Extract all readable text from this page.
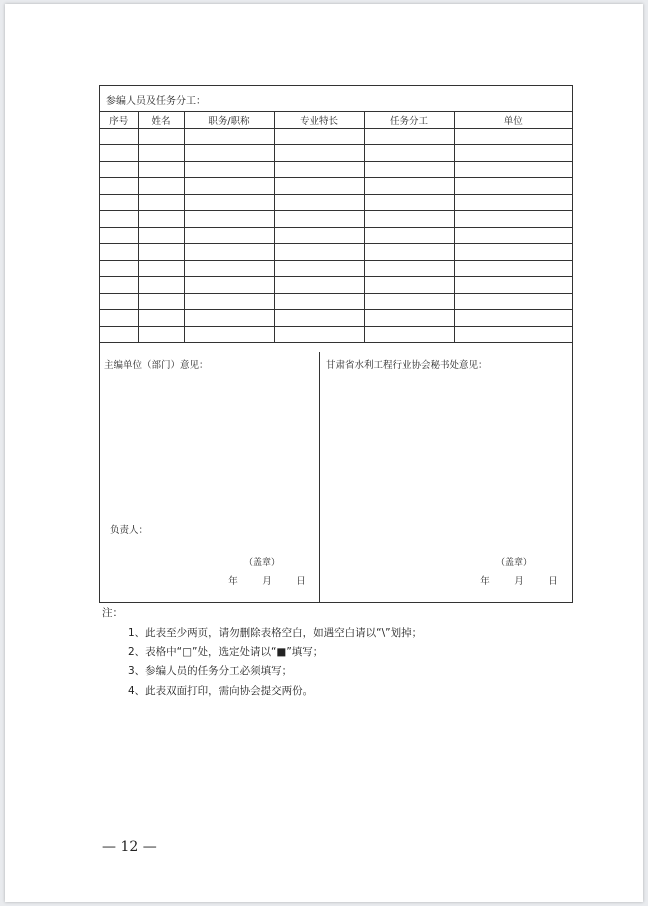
参编人员及任务分工：
序号	姓名	职务/职称	专业特长	任务分工	单位

主编单位（部门）意见：
负责人：
（盖章）
年	月	日
甘肃省水利工程行业协会秘书处意见：
（盖章）
年	月	日
注：
1、此表至少两页，请勿删除表格空白，如遇空白请以“\”划掉；
2、表格中“□”处，选定处请以“■”填写；
3、参编人员的任务分工必须填写；
4、此表双面打印，需向协会提交两份。
— 12 —
